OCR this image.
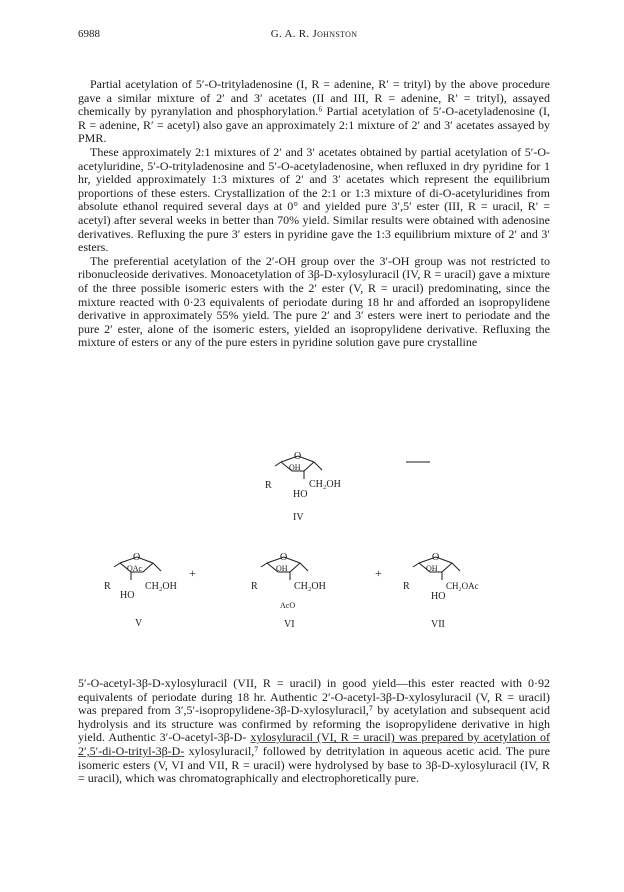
6988	G. A. R. Johnston

Partial acetylation of 5′-O-trityladenosine (I, R = adenine, R′ = trityl) by the above procedure gave a similar mixture of 2′ and 3′ acetates (II and III, R = adenine, R′ = trityl), assayed chemically by pyranylation and phosphorylation.⁶ Partial acetylation of 5′-O-acetyladenosine (I, R = adenine, R′ = acetyl) also gave an approximately 2:1 mixture of 2′ and 3′ acetates assayed by PMR.

These approximately 2:1 mixtures of 2′ and 3′ acetates obtained by partial acetylation of 5′-O-acetyluridine, 5′-O-trityladenosine and 5′-O-acetyladenosine, when refluxed in dry pyridine for 1 hr, yielded approximately 1:3 mixtures of 2′ and 3′ acetates which represent the equilibrium proportions of these esters. Crystallization of the 2:1 or 1:3 mixture of di-O-acetyluridines from absolute ethanol required several days at 0° and yielded pure 3′,5′ ester (III, R = uracil, R′ = acetyl) after several weeks in better than 70% yield. Similar results were obtained with adenosine derivatives. Refluxing the pure 3′ esters in pyridine gave the 1:3 equilibrium mixture of 2′ and 3′ esters.

The preferential acetylation of the 2′-OH group over the 3′-OH group was not restricted to ribonucleoside derivatives. Monoacetylation of 3β-D-xylosyluracil (IV, R = uracil) gave a mixture of the three possible isomeric esters with the 2′ ester (V, R = uracil) predominating, since the mixture reacted with 0·23 equivalents of periodate during 18 hr and afforded an isopropylidene derivative in approximately 55% yield. The pure 2′ and 3′ esters were inert to periodate and the pure 2′ ester, alone of the isomeric esters, yielded an isopropylidene derivative. Refluxing the mixture of esters or any of the pure esters in pyridine solution gave pure crystalline

O
OH
R	CH₂OH
HO
IV
O
OAc
R	CH₂OH
HO
V
+
O
OH
R	CH₂OH
AcO
VI
+
O
OH
R	CH₂OAc
HO
VII

5′-O-acetyl-3β-D-xylosyluracil (VII, R = uracil) in good yield—this ester reacted with 0·92 equivalents of periodate during 18 hr. Authentic 2′-O-acetyl-3β-D-xylosyluracil (V, R = uracil) was prepared from 3′,5′-isopropylidene-3β-D-xylosyluracil,⁷ by acetylation and subsequent acid hydrolysis and its structure was confirmed by reforming the isopropylidene derivative in high yield. Authentic 3′-O-acetyl-3β-D- xylosyluracil (VI, R = uracil) was prepared by acetylation of 2′,5′-di-O-trityl-3β-D- xylosyluracil,⁷ followed by detritylation in aqueous acetic acid. The pure isomeric esters (V, VI and VII, R = uracil) were hydrolysed by base to 3β-D-xylosyluracil (IV, R = uracil), which was chromatographically and electrophoretically pure.
